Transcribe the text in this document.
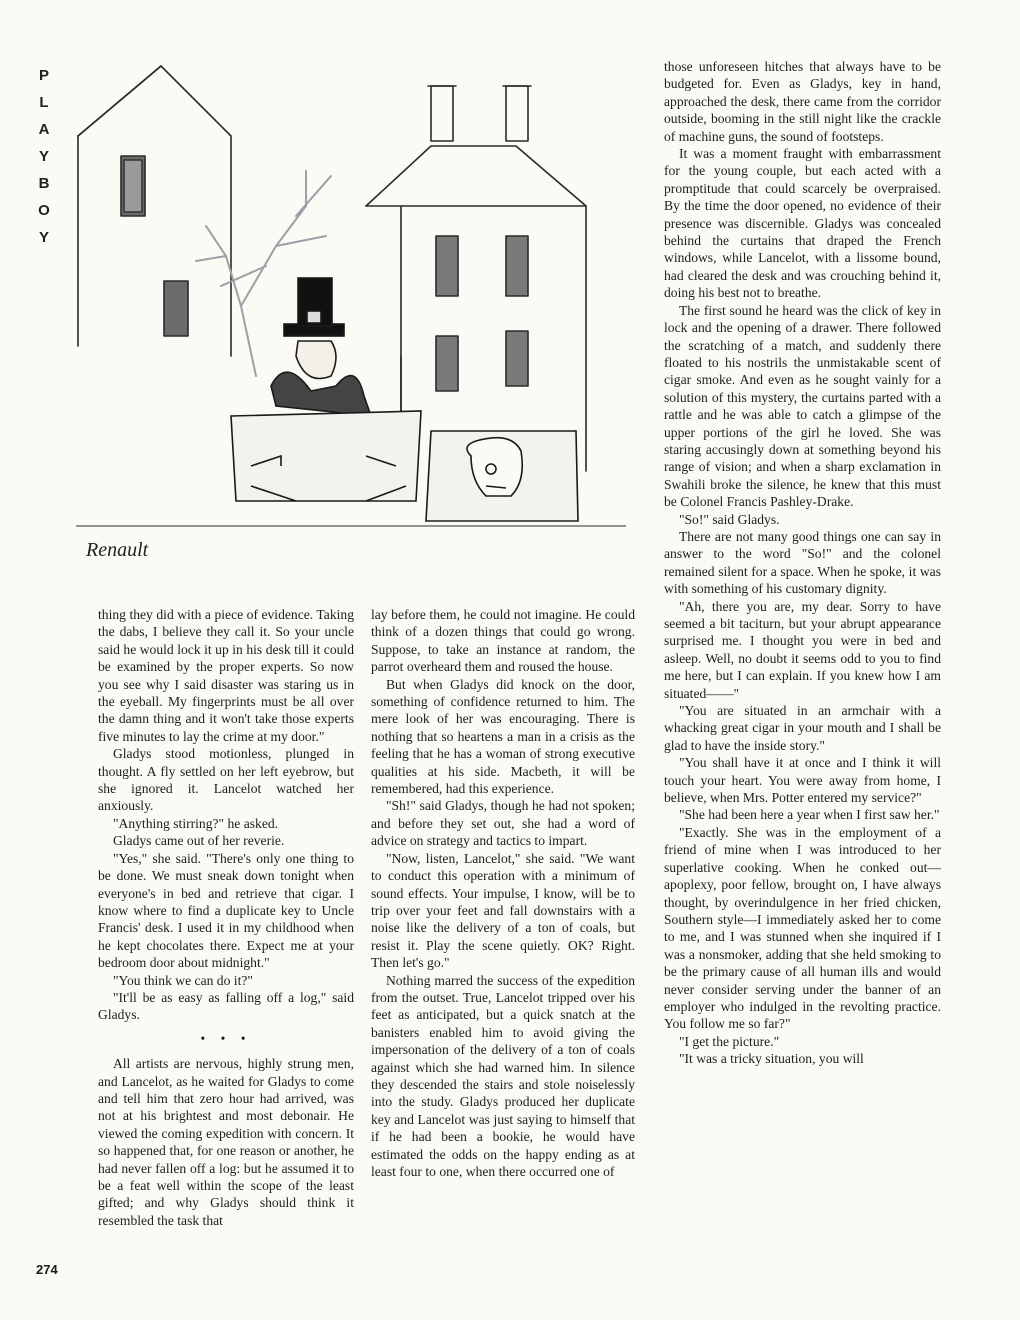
P
L
A
Y
B
O
Y
Renault

thing they did with a piece of evidence. Taking the dabs, I believe they call it. So your uncle said he would lock it up in his desk till it could be examined by the proper experts. So now you see why I said disaster was staring us in the eyeball. My fingerprints must be all over the damn thing and it won't take those experts five minutes to lay the crime at my door."

Gladys stood motionless, plunged in thought. A fly settled on her left eyebrow, but she ignored it. Lancelot watched her anxiously.

"Anything stirring?" he asked.

Gladys came out of her reverie.

"Yes," she said. "There's only one thing to be done. We must sneak down tonight when everyone's in bed and retrieve that cigar. I know where to find a duplicate key to Uncle Francis' desk. I used it in my childhood when he kept chocolates there. Expect me at your bedroom door about midnight."

"You think we can do it?"

"It'll be as easy as falling off a log," said Gladys.

• • •

All artists are nervous, highly strung men, and Lancelot, as he waited for Gladys to come and tell him that zero hour had arrived, was not at his brightest and most debonair. He viewed the coming expedition with concern. It so happened that, for one reason or another, he had never fallen off a log: but he assumed it to be a feat well within the scope of the least gifted; and why Gladys should think it resembled the task that

lay before them, he could not imagine. He could think of a dozen things that could go wrong. Suppose, to take an instance at random, the parrot overheard them and roused the house.

But when Gladys did knock on the door, something of confidence returned to him. The mere look of her was encouraging. There is nothing that so heartens a man in a crisis as the feeling that he has a woman of strong executive qualities at his side. Macbeth, it will be remembered, had this experience.

"Sh!" said Gladys, though he had not spoken; and before they set out, she had a word of advice on strategy and tactics to impart.

"Now, listen, Lancelot," she said. "We want to conduct this operation with a minimum of sound effects. Your impulse, I know, will be to trip over your feet and fall downstairs with a noise like the delivery of a ton of coals, but resist it. Play the scene quietly. OK? Right. Then let's go."

Nothing marred the success of the expedition from the outset. True, Lancelot tripped over his feet as anticipated, but a quick snatch at the banisters enabled him to avoid giving the impersonation of the delivery of a ton of coals against which she had warned him. In silence they descended the stairs and stole noiselessly into the study. Gladys produced her duplicate key and Lancelot was just saying to himself that if he had been a bookie, he would have estimated the odds on the happy ending as at least four to one, when there occurred one of

those unforeseen hitches that always have to be budgeted for. Even as Gladys, key in hand, approached the desk, there came from the corridor outside, booming in the still night like the crackle of machine guns, the sound of footsteps.

It was a moment fraught with embarrassment for the young couple, but each acted with a promptitude that could scarcely be overpraised. By the time the door opened, no evidence of their presence was discernible. Gladys was concealed behind the curtains that draped the French windows, while Lancelot, with a lissome bound, had cleared the desk and was crouching behind it, doing his best not to breathe.

The first sound he heard was the click of key in lock and the opening of a drawer. There followed the scratching of a match, and suddenly there floated to his nostrils the unmistakable scent of cigar smoke. And even as he sought vainly for a solution of this mystery, the curtains parted with a rattle and he was able to catch a glimpse of the upper portions of the girl he loved. She was staring accusingly down at something beyond his range of vision; and when a sharp exclamation in Swahili broke the silence, he knew that this must be Colonel Francis Pashley-Drake.

"So!" said Gladys.

There are not many good things one can say in answer to the word "So!" and the colonel remained silent for a space. When he spoke, it was with something of his customary dignity.

"Ah, there you are, my dear. Sorry to have seemed a bit taciturn, but your abrupt appearance surprised me. I thought you were in bed and asleep. Well, no doubt it seems odd to you to find me here, but I can explain. If you knew how I am situated——"

"You are situated in an armchair with a whacking great cigar in your mouth and I shall be glad to have the inside story."

"You shall have it at once and I think it will touch your heart. You were away from home, I believe, when Mrs. Potter entered my service?"

"She had been here a year when I first saw her."

"Exactly. She was in the employment of a friend of mine when I was introduced to her superlative cooking. When he conked out—apoplexy, poor fellow, brought on, I have always thought, by overindulgence in her fried chicken, Southern style—I immediately asked her to come to me, and I was stunned when she inquired if I was a nonsmoker, adding that she held smoking to be the primary cause of all human ills and would never consider serving under the banner of an employer who indulged in the revolting practice. You follow me so far?"

"I get the picture."

"It was a tricky situation, you will

274
